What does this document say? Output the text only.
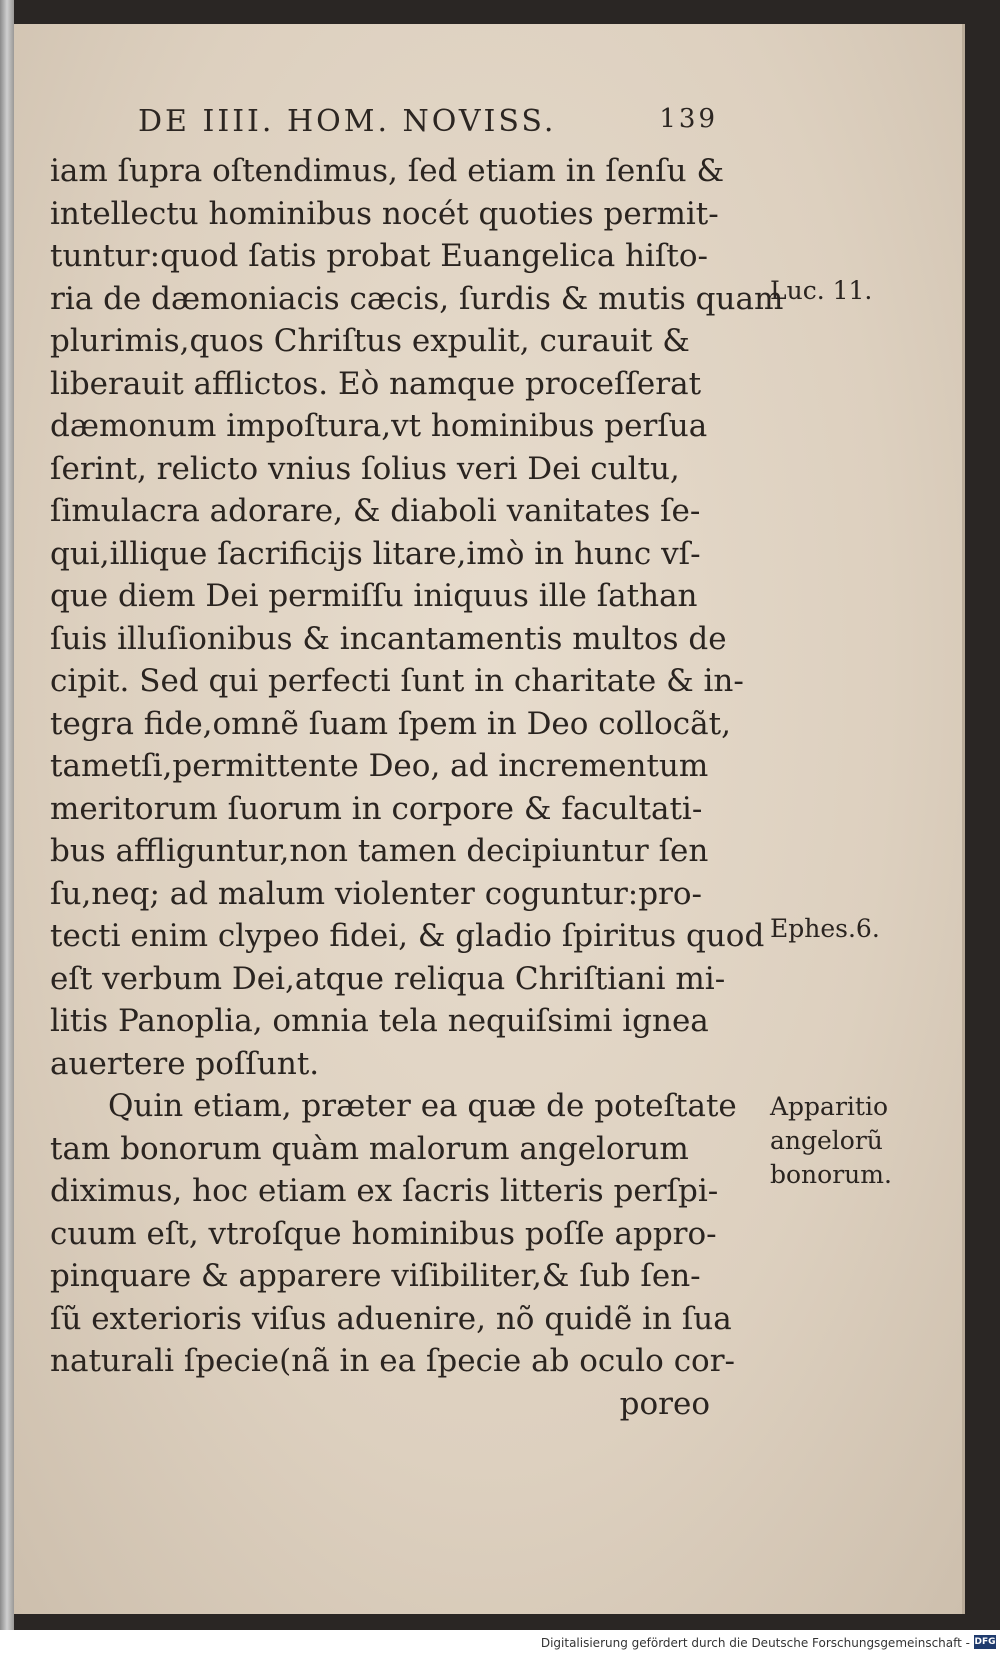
DE IIII. HOM. NOVISS.	139
iam ſupra oſtendimus, ſed etiam in ſenſu &
intellectu hominibus nocét quoties permit-
tuntur:quod ſatis probat Euangelica hiſto-
ria de dæmoniacis cæcis, ſurdis & mutis quam
plurimis,quos Chriſtus expulit, curauit &
liberauit afflictos. Eò namque proceſſerat
dæmonum impoſtura,vt hominibus perſua
ſerint, relicto vnius ſolius veri Dei cultu,
ſimulacra adorare, & diaboli vanitates ſe-
qui,illique ſacrificijs litare,imò in hunc vſ-
que diem Dei permiſſu iniquus ille ſathan
ſuis illuſionibus & incantamentis multos de
cipit. Sed qui perfecti ſunt in charitate & in-
tegra fide,omnẽ ſuam ſpem in Deo collocãt,
tametſi,permittente Deo, ad incrementum
meritorum ſuorum in corpore & facultati-
bus affliguntur,non tamen decipiuntur ſen
ſu,neq; ad malum violenter coguntur:pro-
tecti enim clypeo fidei, & gladio ſpiritus quod
eſt verbum Dei,atque reliqua Chriſtiani mi-
litis Panoplia, omnia tela nequiſsimi ignea
auertere poſſunt.
Quin etiam, præter ea quæ de poteſtate
tam bonorum quàm malorum angelorum
diximus, hoc etiam ex ſacris litteris perſpi-
cuum eſt, vtroſque hominibus poſſe appro-
pinquare & apparere viſibiliter,& ſub ſen-
ſũ exterioris viſus aduenire, nõ quidẽ in ſua
naturali ſpecie(nã in ea ſpecie ab oculo cor-
poreo
Luc. 11.
Ephes.6.
Apparitio
angelorũ
bonorum.
Digitalisierung gefördert durch die Deutsche Forschungsgemeinschaft - DFG
